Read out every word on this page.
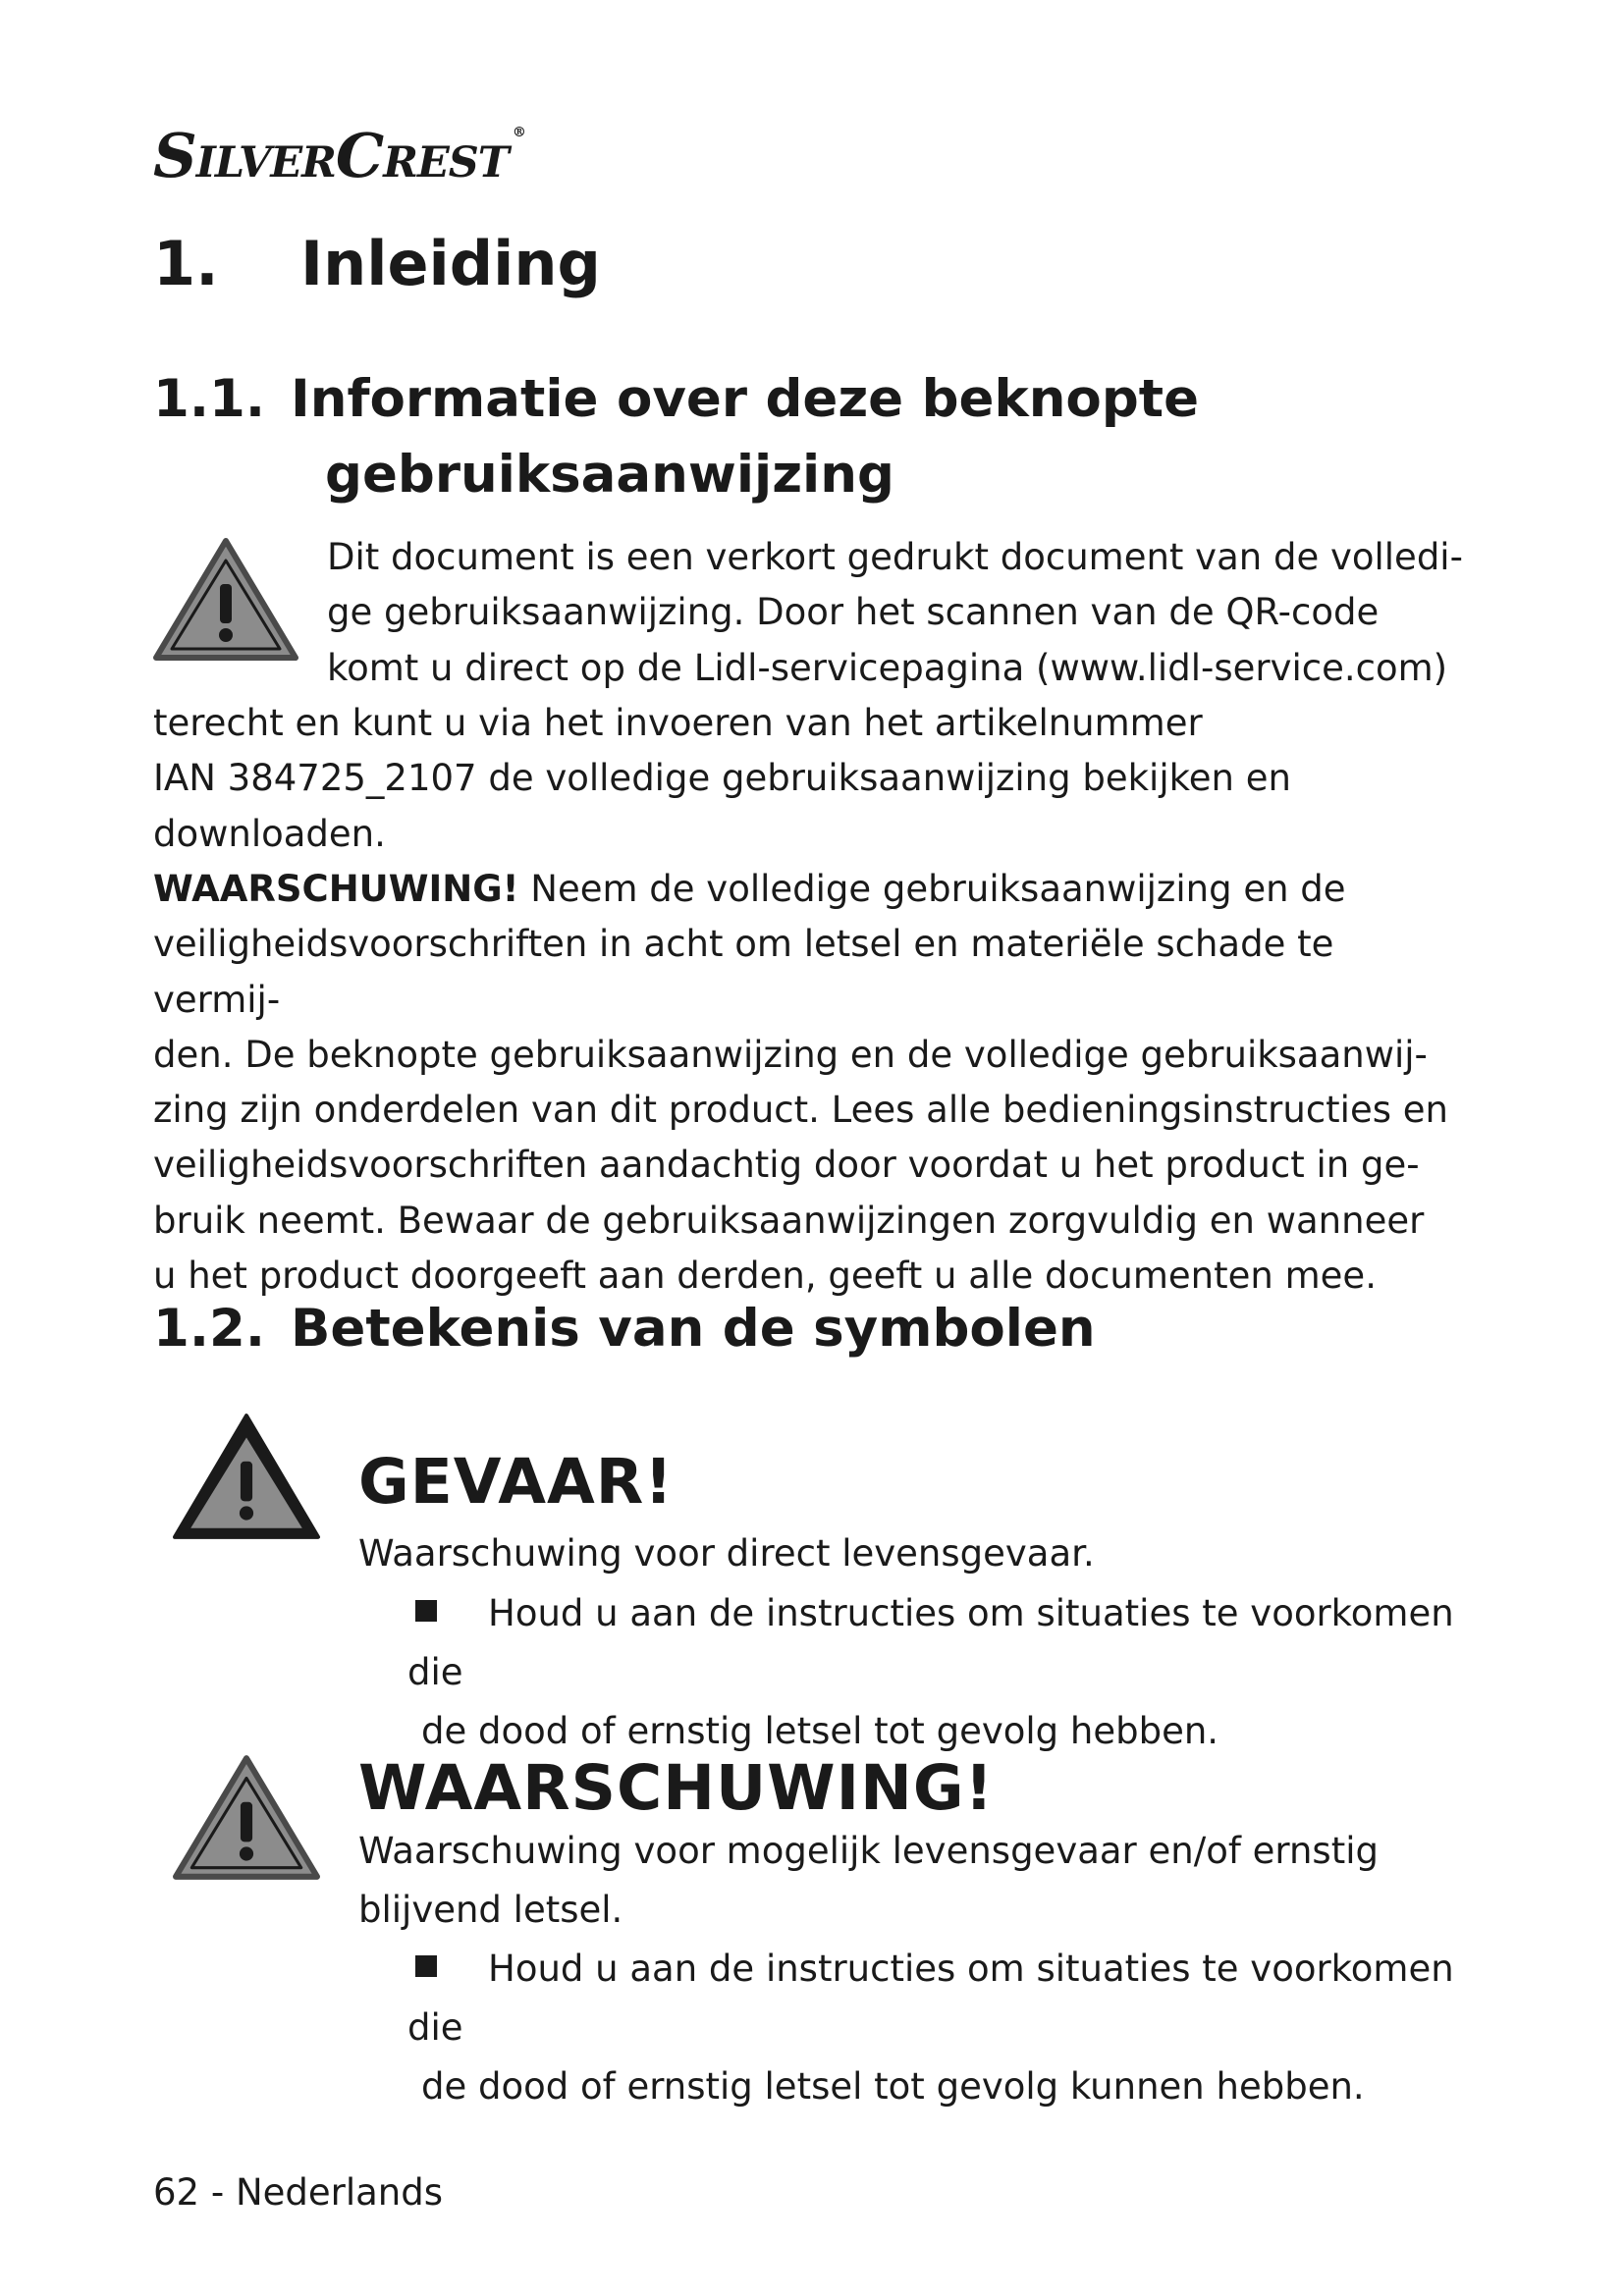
SilverCrest ®
1. Inleiding
1.1. Informatie over deze beknopte
gebruiksaanwijzing
Dit document is een verkort gedrukt document van de volledi-
ge gebruiksaanwijzing. Door het scannen van de QR-code
komt u direct op de Lidl-servicepagina (www.lidl-service.com)
terecht en kunt u via het invoeren van het artikelnummer
IAN 384725_2107 de volledige gebruiksaanwijzing bekijken en
downloaden.
WAARSCHUWING! Neem de volledige gebruiksaanwijzing en de
veiligheidsvoorschriften in acht om letsel en materiële schade te vermij-
den. De beknopte gebruiksaanwijzing en de volledige gebruiksaanwij-
zing zijn onderdelen van dit product. Lees alle bedieningsinstructies en
veiligheidsvoorschriften aandachtig door voordat u het product in ge-
bruik neemt. Bewaar de gebruiksaanwijzingen zorgvuldig en wanneer
u het product doorgeeft aan derden, geeft u alle documenten mee.
1.2. Betekenis van de symbolen
GEVAAR!
Waarschuwing voor direct levensgevaar.
Houd u aan de instructies om situaties te voorkomen die
de dood of ernstig letsel tot gevolg hebben.
WAARSCHUWING!
Waarschuwing voor mogelijk levensgevaar en/of ernstig
blijvend letsel.
Houd u aan de instructies om situaties te voorkomen die
de dood of ernstig letsel tot gevolg kunnen hebben.
62 - Nederlands
